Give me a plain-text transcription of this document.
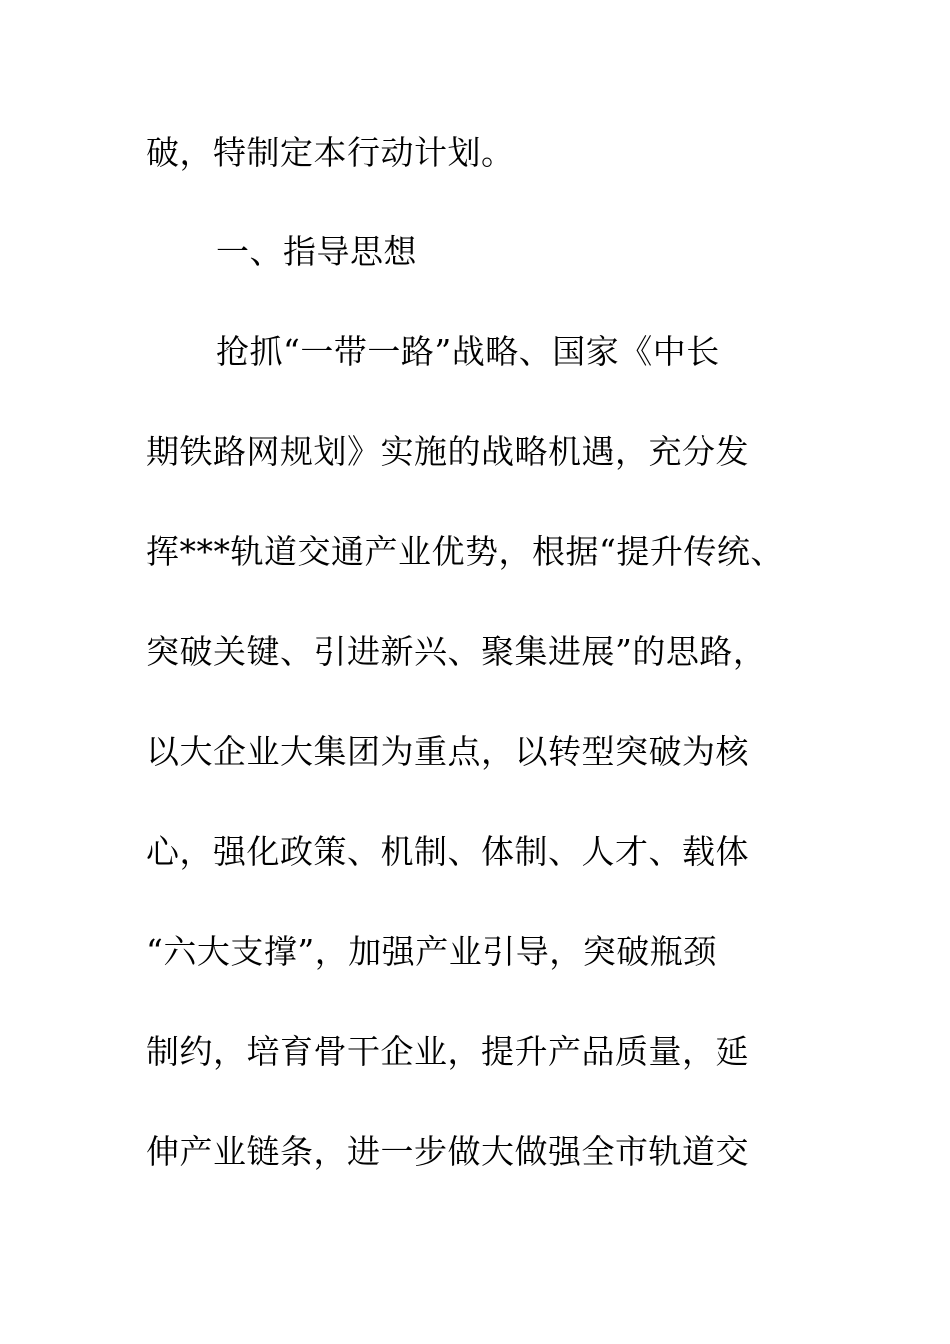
破，特制定本行动计划。
一、指导思想
抢抓“一带一路”战略、国家《中长
期铁路网规划》实施的战略机遇，充分发
挥***轨道交通产业优势，根据“提升传统、
突破关键、引进新兴、聚集进展”的思路，
以大企业大集团为重点，以转型突破为核
心，强化政策、机制、体制、人才、载体
“六大支撑”，加强产业引导，突破瓶颈
制约，培育骨干企业，提升产品质量，延
伸产业链条，进一步做大做强全市轨道交
